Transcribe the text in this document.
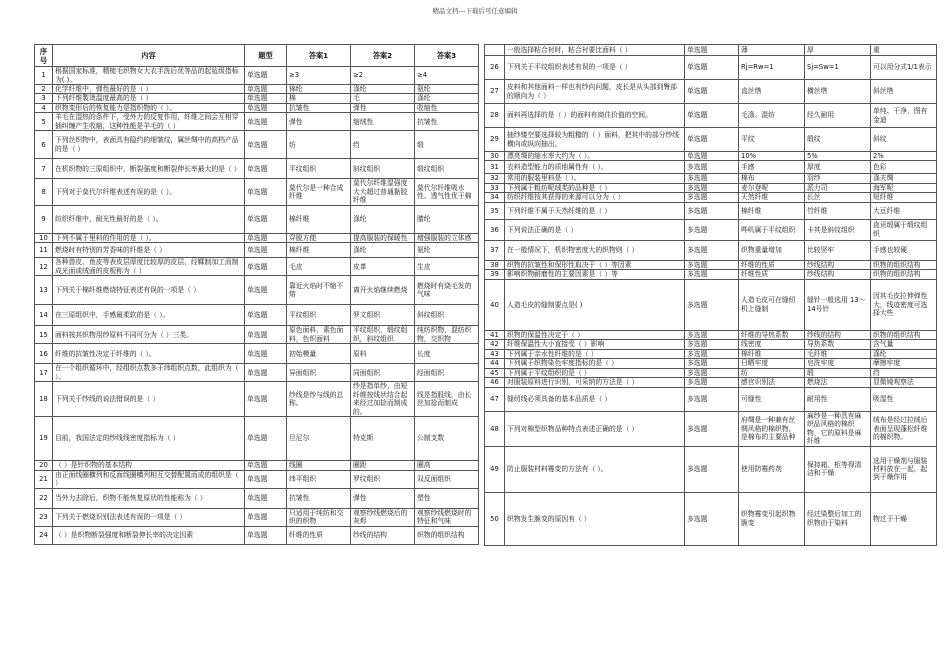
精品文档---下载后可任意编辑
序号	内容	题型	答案1	答案2	答案3
1	根据国家标准，精梳毛织物女大衣手洗后优等品的起毡级指标为( )。	单选题	≥3	≥2	≥4
2	化学纤维中，弹性最好的是（ ）	单选题	锦纶	涤纶	氨纶
3	下列纤维製烫温度最高的是（ ）	单选题	棉	毛	涤纶
4	织物变形后的恢复能力是指织物的（ ）。	单选题	抗皱性	弹性	收缩性
5	羊毛在湿热的条件下，受外力的反复作用，纤维之间会互相穿插纠缠产生收缩，这种性能是羊毛的（ ）	单选题	弹性	缩绒性	抗皱性
6	下列丝织物中，表面具有隐约的细皱纹，属丝绸中的高档产品的是（ ）	单选题	纺	绉	缎
7	在机织物的三原组织中，断裂强度和断裂伸长率最大的是（ ）	单选题	平纹组织	斜纹组织	缎纹组织
8	下列对于莫代尔纤维表述有误的是（ ）。	单选题	莫代尔是一种合成纤维	莫代尔纤维湿强度大大超过普通黏胶纤维	莫代尔纤维吸水性、透气性优于棉
9	纺织纤维中，耐光性最好的是（ ）。	单选题	棉纤维	涤纶	腈纶
10	下列不属于里料的作用的是（ ）。	单选题	穿脱方便	提高服装的保暖性	增强服装的立体感
11	燃烧时有特别的芳香味的纤维是（ ）	单选题	棉纤维	涤纶	氨纶
12	各种兽皮、鱼皮等表皮层厚度比较厚的皮层，经鞣制加工而制成光面或绒面的皮板称为（ ）	单选题	毛皮	皮革	生皮
13	下列关于棉纤维燃烧特征表述有误的一项是（ ）	单选题	靠近火焰时不缩不熔	离开火焰继续燃烧	燃烧时有烧毛发的气味
14	在三原组织中，手感最柔软的是（ ）。	单选题	平纹组织	罗文组织	斜纹组织
15	面料按其织物用纱原料不同可分为（ ）三类。	单选题	原色面料，素色面料，色织面料	平纹组织，缎纹组织，斜纹组织	纯纺织物，混纺织物，交织物
16	纤维的抗皱性决定于纤维的（ ）。	单选题	初始模量	原料	长度
17	在一个组织循环中，经组织点数多于纬组织点数，此组织为（ ）。	单选题	异面组织	同面组织	经面组织
18	下列关于纱线的说法错误的是（ ）	单选题	纱线是纱与线的总称。	纱是指单纱，由短纤维按线状结合起来经过加捻而制成的。	线是指股线，由长丝加捻而制成
19	目前，我国法定的纱线线密度指标为（ ）	单选题	旦尼尔	特克斯	公制支数
20	（ ）是针织物的基本结构	单选题	线圈	圈距	圈高
21	由正面线圈横列和反面线圈横列相互交替配置而成的组织是（ ）	单选题	纬平组织	罗纹组织	双反面组织
22	当外力去除后，织物不能恢复原状的性能称为（ ）	单选题	抗皱性	弹性	塑性
23	下列关于燃烧识别法表述有误的一项是（ ）	单选题	只适用于纯纺和交织的织物	观察纱线燃烧后的灰烬	观察纱线燃烧时的特征和气味
24	（ ）是织物断裂强度和断裂伸长率的决定因素	单选题	纤维的性质	纱线的结构	织物的组织结构
	一般选择粘合衬时，粘合衬要比面料（ ）	单选题	薄	厚	重
26	下列关于平纹组织表述有误的一项是（ ）	单选题	Rj=Rw=1	Sj=Sw=1	可以用分式1/1表示
27	皮料和其他面料一样也有纱向问题，皮长是从头部到臀部的顺向为（ ）	单选题	直丝绺	横丝绺	斜丝绺
28	面料再选择的是（ ）的面料有商住价值的空间。	单选题	毛涤、混纺	经久耐用	单纯、干净、图有金迪
29	抽纱镂空要选择较为粗糙的（ ）面料，把其中的部分纱线横向或纵向抽出。	单选题	平纹	缎纹	斜纹
30	漂亮绸的缩水率大约为（ ）。	单选题	10%	5%	2%
31	衣料造型能力的质地属性有（ ）。	多选题	手感	厚度	色彩
32	常用的服装里料是（ ）。	多选题	棉布	羽纱	涤夫绸
33	下列属于粗纺呢绒类的品种是（ ）	多选题	麦尔登呢	派力司	海军呢
34	纺织纤维按其获得的来源可以分为（ ）	多选题	天然纤维	长丝	短纤维
35	下列纤维不属于天然纤维的是（ ）	多选题	棉纤维	竹纤维	大豆纤维
36	下列说法正确的是（ ）	多选题	哔叽属于平纹组织	卡其是斜纹组织	直贡缎属于缎纹组织
37	在一般情况下，机织物密度大的织物则（ ）	多选题	织物重量增加	比较坚牢	手感也较硬
38	织物的抗皱性和保形性取决于（ ）等因素	多选题	纤维的性质	纱线结构	织物的组织结构
39	影响织物耐磨性的主要因素是（ ）等	多选题	纤维性质	纱线结构	织物的组织结构
40	人造毛皮的缝制要点是( )	多选题	人造毛皮可在缝纫机上缝制	缝针一般选用 13～14号针	因其毛皮拉伸弹性大，线迹密度可选择大些
41	织物的保温性决定于（ ）	多选题	纤维的导热系数	纱线的结构	织物的组织结构
42	纤维保温性大小直接受（ ）影响	多选题	线密度	导热系数	含气量
43	下列属于亲水性纤维的是（ ）	多选题	棉纤维	毛纤维	涤纶
44	下列属于织物染色牢度指标的是（ ）	多选题	日晒牢度	皂洗牢度	摩擦牢度
45	下列属于平纹组织的是（ ）	多选题	纺	缎	绉
46	对服装原料进行识别，可采纳的方法是（ ）	多选题	感官识别法	燃烧法	显微镜观察法
47	缝纫线必须具备的基本品质是（ ）	多选题	可缝性	耐用性	吸湿性
48	下列对棉型织物品种特点表述正确的是（ ）	多选题	府绸是一种兼有丝绸风格的棉织物，是棉布的主要品种	麻纱是一种具有麻织品风格的棉织物，它的原料是麻纤维	绒布是经过拉绒后表面呈现蓬松纤维的棉织物。
49	防止服装材料霉变的方法有（ ）。	多选题	使用防霉药剂	保持箱、柜等得清洁和干燥	选用干燥剂与服装材料放在一起，起到干燥作用
50	织物发生脆变的原因有（ ）	多选题	织物霉变引起织物脆变	经过染整后加工的织物由于染料	物过于干燥
